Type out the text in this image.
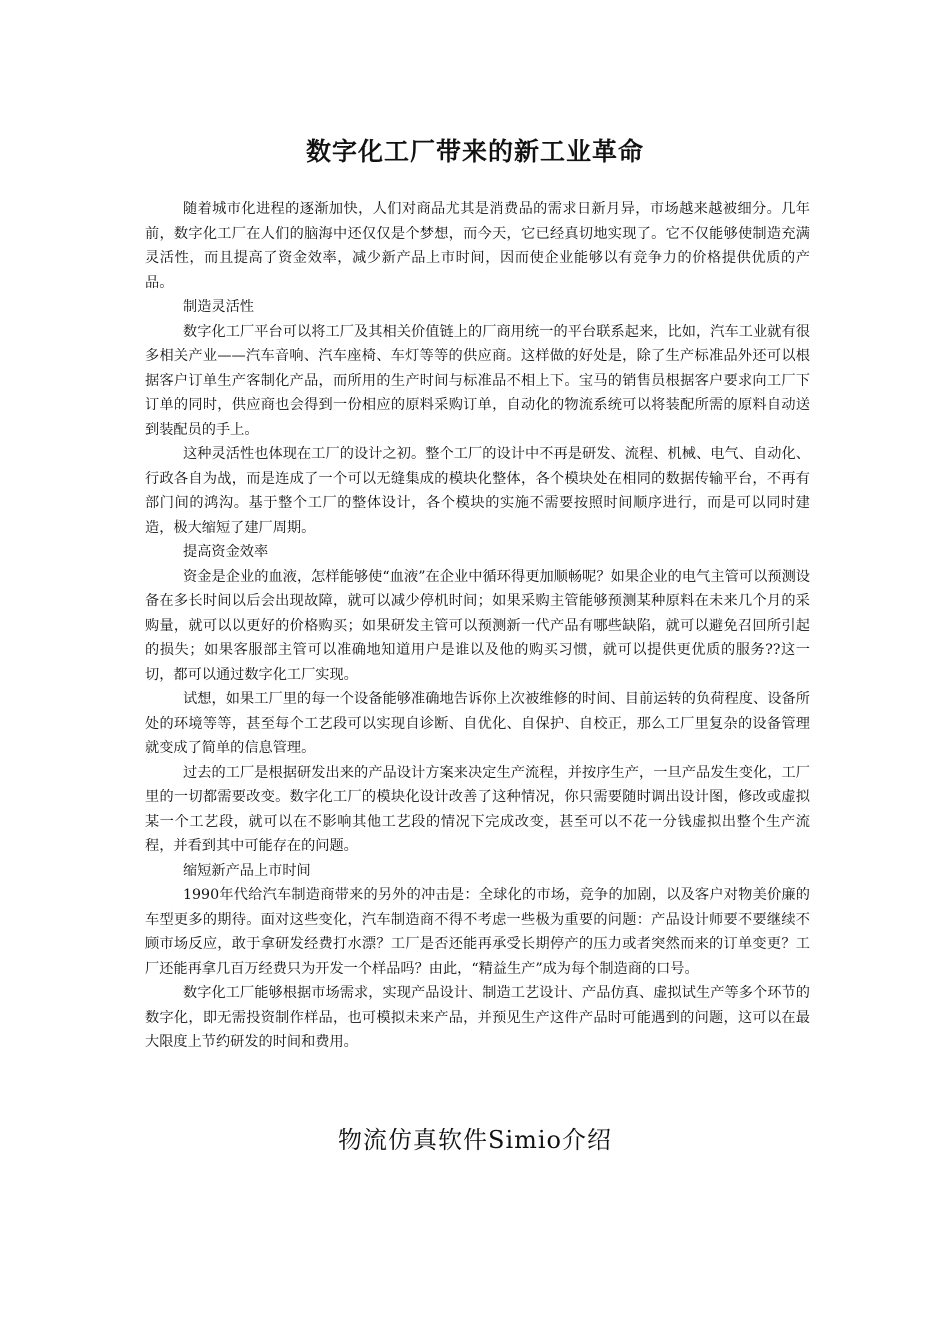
数字化工厂带来的新工业革命

随着城市化进程的逐渐加快，人们对商品尤其是消费品的需求日新月异，市场越来越被细分。几年前，数字化工厂在人们的脑海中还仅仅是个梦想，而今天，它已经真切地实现了。它不仅能够使制造充满灵活性，而且提高了资金效率，减少新产品上市时间，因而使企业能够以有竞争力的价格提供优质的产品。

制造灵活性

数字化工厂平台可以将工厂及其相关价值链上的厂商用统一的平台联系起来，比如，汽车工业就有很多相关产业——汽车音响、汽车座椅、车灯等等的供应商。这样做的好处是，除了生产标准品外还可以根据客户订单生产客制化产品，而所用的生产时间与标准品不相上下。宝马的销售员根据客户要求向工厂下订单的同时，供应商也会得到一份相应的原料采购订单，自动化的物流系统可以将装配所需的原料自动送到装配员的手上。

这种灵活性也体现在工厂的设计之初。整个工厂的设计中不再是研发、流程、机械、电气、自动化、行政各自为战，而是连成了一个可以无缝集成的模块化整体，各个模块处在相同的数据传输平台，不再有部门间的鸿沟。基于整个工厂的整体设计，各个模块的实施不需要按照时间顺序进行，而是可以同时建造，极大缩短了建厂周期。

提高资金效率

资金是企业的血液，怎样能够使“血液”在企业中循环得更加顺畅呢？如果企业的电气主管可以预测设备在多长时间以后会出现故障，就可以减少停机时间；如果采购主管能够预测某种原料在未来几个月的采购量，就可以以更好的价格购买；如果研发主管可以预测新一代产品有哪些缺陷，就可以避免召回所引起的损失；如果客服部主管可以准确地知道用户是谁以及他的购买习惯，就可以提供更优质的服务??这一切，都可以通过数字化工厂实现。

试想，如果工厂里的每一个设备能够准确地告诉你上次被维修的时间、目前运转的负荷程度、设备所处的环境等等，甚至每个工艺段可以实现自诊断、自优化、自保护、自校正，那么工厂里复杂的设备管理就变成了简单的信息管理。

过去的工厂是根据研发出来的产品设计方案来决定生产流程，并按序生产，一旦产品发生变化，工厂里的一切都需要改变。数字化工厂的模块化设计改善了这种情况，你只需要随时调出设计图，修改或虚拟某一个工艺段，就可以在不影响其他工艺段的情况下完成改变，甚至可以不花一分钱虚拟出整个生产流程，并看到其中可能存在的问题。

缩短新产品上市时间

1990年代给汽车制造商带来的另外的冲击是：全球化的市场，竞争的加剧，以及客户对物美价廉的车型更多的期待。面对这些变化，汽车制造商不得不考虑一些极为重要的问题：产品设计师要不要继续不顾市场反应，敢于拿研发经费打水漂？工厂是否还能再承受长期停产的压力或者突然而来的订单变更？工厂还能再拿几百万经费只为开发一个样品吗？由此，“精益生产”成为每个制造商的口号。

数字化工厂能够根据市场需求，实现产品设计、制造工艺设计、产品仿真、虚拟试生产等多个环节的数字化，即无需投资制作样品，也可模拟未来产品，并预见生产这件产品时可能遇到的问题，这可以在最大限度上节约研发的时间和费用。

物流仿真软件Simio介绍
